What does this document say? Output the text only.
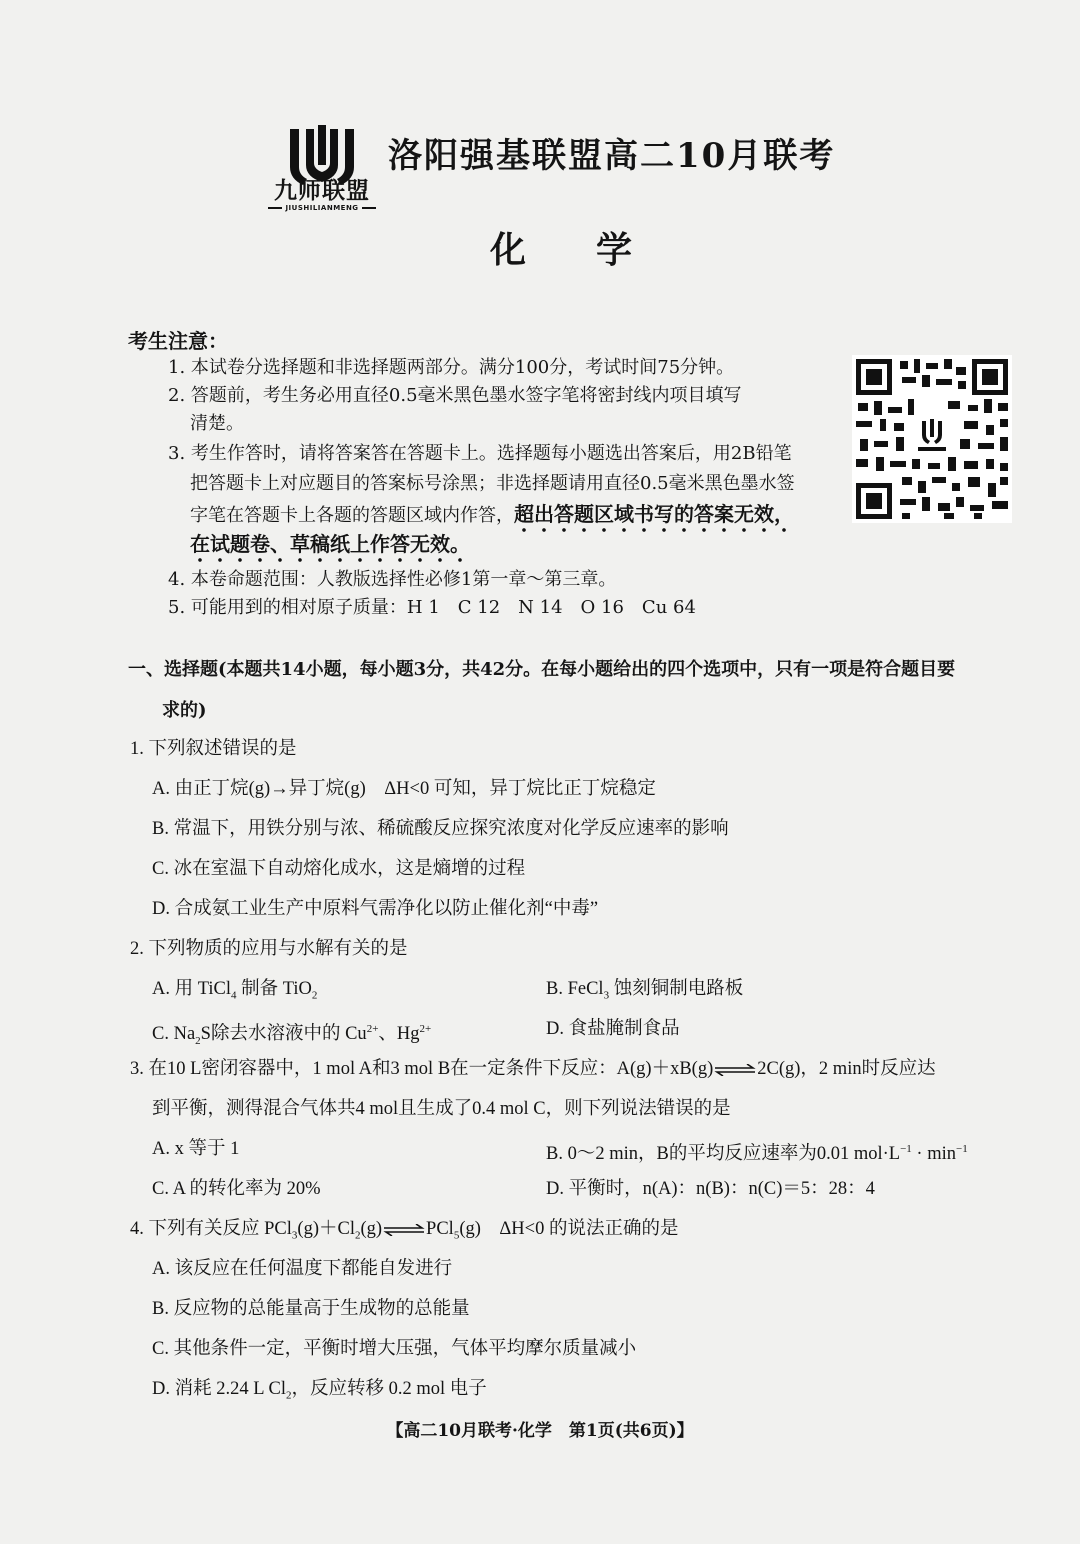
九师联盟
JIUSHILIANMENG
洛阳强基联盟高二10月联考
化学
考生注意：
1. 本试卷分选择题和非选择题两部分。满分100分，考试时间75分钟。
2. 答题前，考生务必用直径0.5毫米黑色墨水签字笔将密封线内项目填写
清楚。
3. 考生作答时，请将答案答在答题卡上。选择题每小题选出答案后，用2B铅笔
把答题卡上对应题目的答案标号涂黑；非选择题请用直径0.5毫米黑色墨水签
字笔在答题卡上各题的答题区域内作答，超出答题区域书写的答案无效，
在试题卷、草稿纸上作答无效。
4. 本卷命题范围：人教版选择性必修1第一章～第三章。
5. 可能用到的相对原子质量：H 1　C 12　N 14　O 16　Cu 64
一、选择题(本题共14小题，每小题3分，共42分。在每小题给出的四个选项中，只有一项是符合题目要
求的)
1. 下列叙述错误的是
A. 由正丁烷(g)→异丁烷(g)　ΔH<0 可知，异丁烷比正丁烷稳定
B. 常温下，用铁分别与浓、稀硫酸反应探究浓度对化学反应速率的影响
C. 冰在室温下自动熔化成水，这是熵增的过程
D. 合成氨工业生产中原料气需净化以防止催化剂“中毒”
2. 下列物质的应用与水解有关的是
A. 用 TiCl$_4$ 制备 TiO$_2$	B. FeCl$_3$ 蚀刻铜制电路板
C. $Na_2S$除去水溶液中的 $Cu^{2+}$、$Hg^{2+}$	D. 食盐腌制食品
3. 在10 L密闭容器中，1 mol A和3 mol B在一定条件下反应：A(g)＋xB(g)⇌2C(g)，2 min时反应达
到平衡，测得混合气体共4 mol且生成了0.4 mol C，则下列说法错误的是
A. x 等于 1	B. 0～2 min，B的平均反应速率为0.01 $mol\cdot L^{-1} \cdot \min^{-1}$
C. A 的转化率为 20%	D. 平衡时，n(A)：n(B)：n(C)＝5：28：4
4. 下列有关反应 $PCl_3(g)+Cl_2(g)\rightleftharpoons PCl_5(g)$　ΔH<0 的说法正确的是
A. 该反应在任何温度下都能自发进行
B. 反应物的总能量高于生成物的总能量
C. 其他条件一定，平衡时增大压强，气体平均摩尔质量减小
D. 消耗 2.24 L $Cl_2$，反应转移 0.2 mol 电子
【高二10月联考·化学　第1页(共6页)】
